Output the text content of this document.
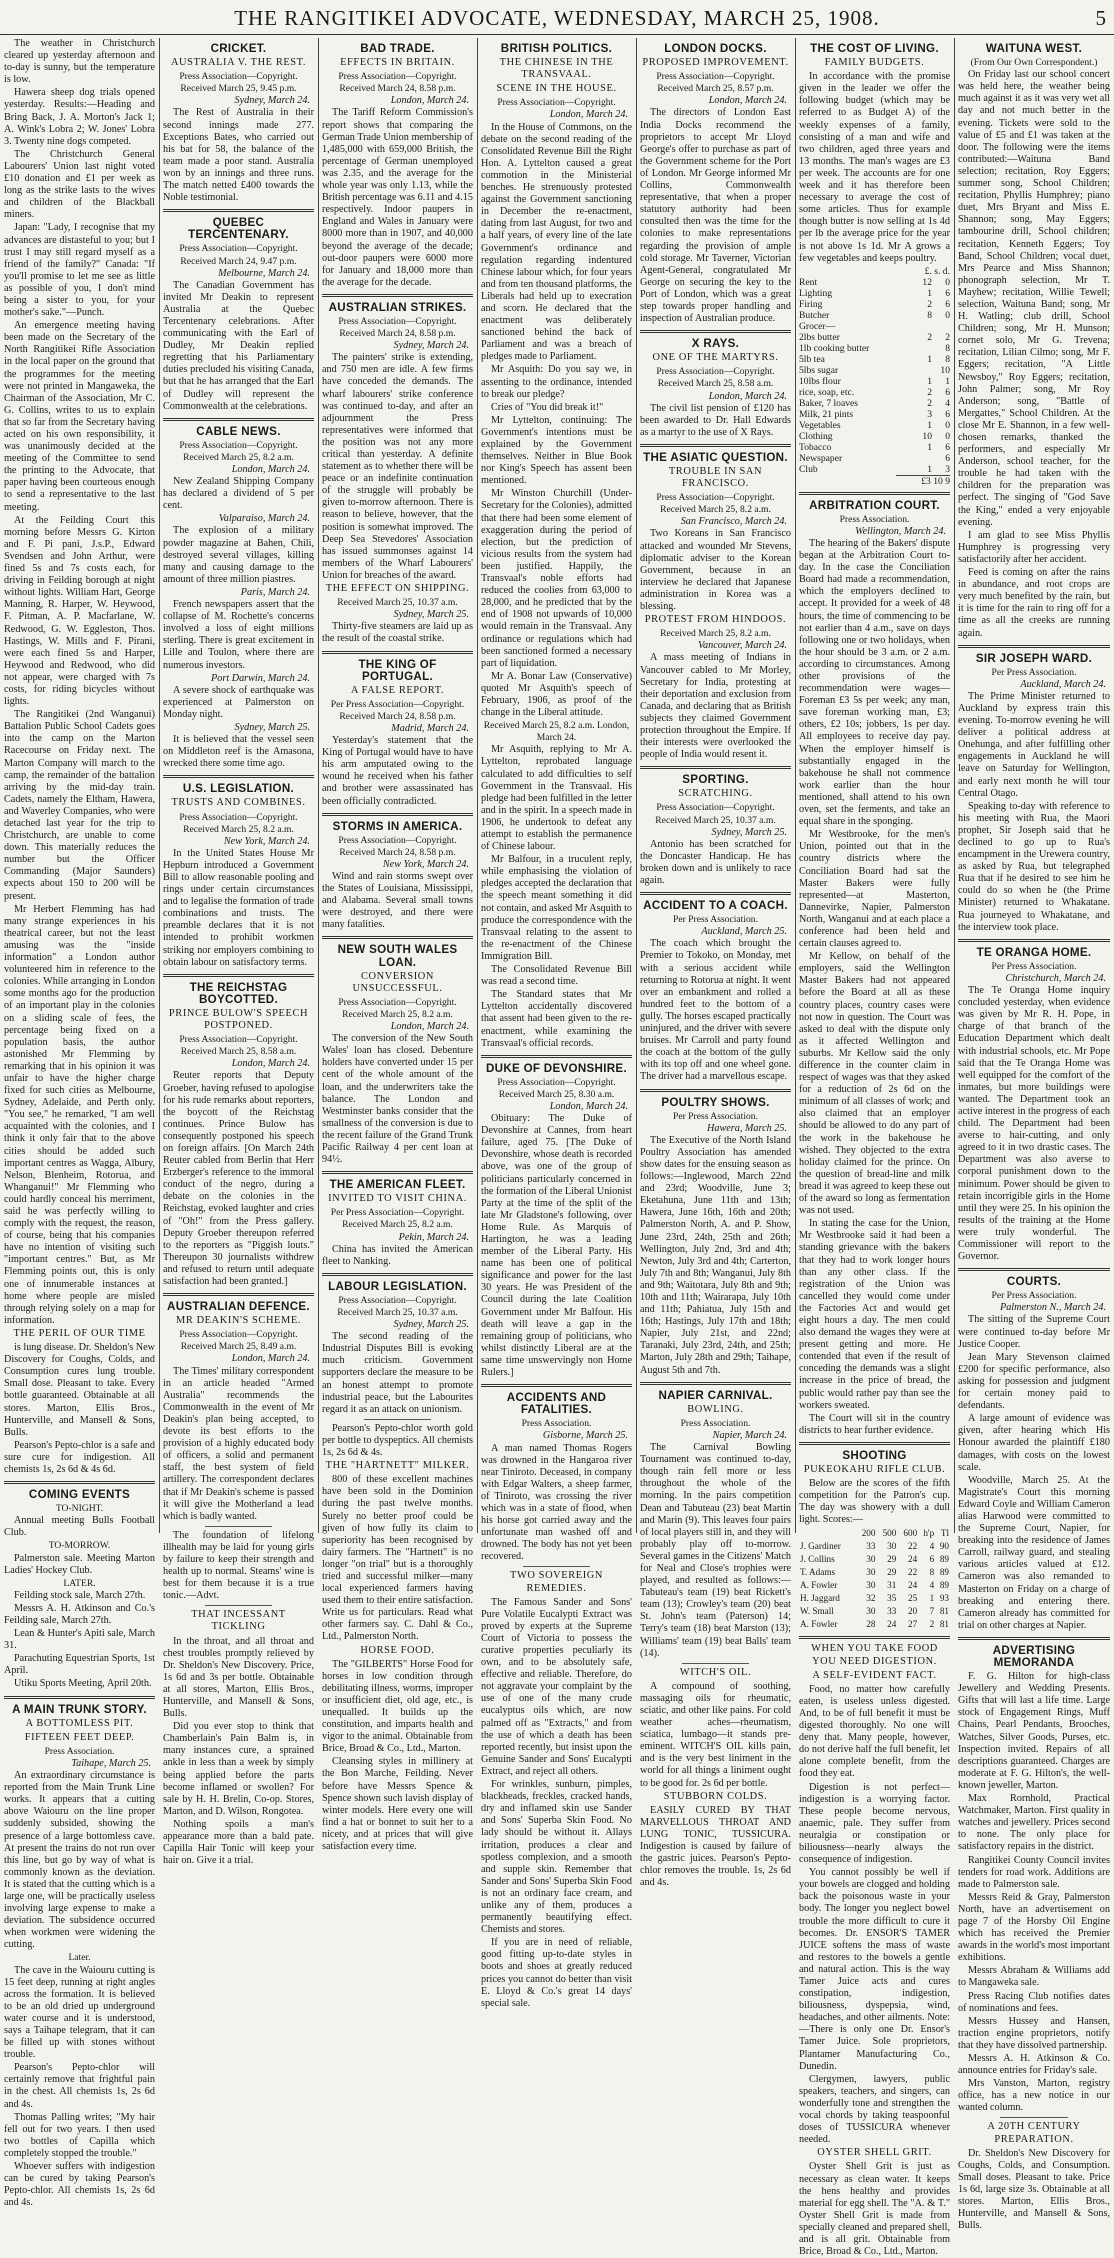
THE RANGITIKEI ADVOCATE, WEDNESDAY, MARCH 25, 1908.	5

The weather in Christchurch cleared up yesterday afternoon and to-day is sunny, but the temperature is low.

Hawera sheep dog trials opened yesterday. Results:—Heading and Bring Back, J. A. Morton's Jack 1; A. Wink's Lobra 2; W. Jones' Lobra 3. Twenty nine dogs competed.

The Christchurch General Labourers' Union last night voted £10 donation and £1 per week as long as the strike lasts to the wives and children of the Blackball miners.

Japan: "Lady, I recognise that my advances are distasteful to you; but I trust I may still regard myself as a friend of the family?" Canada: "If you'll promise to let me see as little as possible of you, I don't mind being a sister to you, for your mother's sake."—Punch.

An emergence meeting having been made on the Secretary of the North Rangitikei Rifle Association in the local paper on the ground that the programmes for the meeting were not printed in Mangaweka, the Chairman of the Association, Mr C. G. Collins, writes to us to explain that so far from the Secretary having acted on his own responsibility, it was unanimously decided at the meeting of the Committee to send the printing to the Advocate, that paper having been courteous enough to send a representative to the last meeting.

At the Feilding Court this morning before Messrs G. Kirton and F. Pi pani, J.s.P., Edward Svendsen and John Arthur, were fined 5s and 7s costs each, for driving in Feilding borough at night without lights. William Hart, George Manning, R. Harper, W. Heywood, F. Pitman, A. P. Macfarlane, W. Redwood, G. W. Eggleston, Thos. Hastings, W. Mills and F. Pirani, were each fined 5s and Harper, Heywood and Redwood, who did not appear, were charged with 7s costs, for riding bicycles without lights.

The Rangitikei (2nd Wanganui) Battalion Public School Cadets goes into the camp on the Marton Racecourse on Friday next. The Marton Company will march to the camp, the remainder of the battalion arriving by the mid-day train. Cadets, namely the Eltham, Hawera, and Waverley Companies, who were detached last year for the trip to Christchurch, are unable to come down. This materially reduces the number but the Officer Commanding (Major Saunders) expects about 150 to 200 will be present.

Mr Herbert Flemming has had many strange experiences in his theatrical career, but not the least amusing was the "inside information" a London author volunteered him in reference to the colonies. While arranging in London some months ago for the production of an important play in the colonies on a sliding scale of fees, the percentage being fixed on a population basis, the author astonished Mr Flemming by remarking that in his opinion it was unfair to have the higher charge fixed for such cities as Melbourne, Sydney, Adelaide, and Perth only. "You see," he remarked, "I am well acquainted with the colonies, and I think it only fair that to the above cities should be added such important centres as Wagga, Albury, Nelson, Blenheim, Rotorua, and Whanganui!" Mr Flemming who could hardly conceal his merriment, said he was perfectly willing to comply with the request, the reason, of course, being that his companies have no intention of visiting such "important centres." But, as Mr Flemming points out, this is only one of innumerable instances at home where people are misled through relying solely on a map for information.

THE PERIL OF OUR TIME

is lung disease. Dr. Sheldon's New Discovery for Coughs, Colds, and Consumption cures lung trouble. Small dose. Pleasant to take. Every bottle guaranteed. Obtainable at all stores. Marton, Ellis Bros., Hunterville, and Mansell & Sons, Bulls.

Pearson's Pepto-chlor is a safe and sure cure for indigestion. All chemists 1s, 2s 6d & 4s 6d.

COMING EVENTS
TO-NIGHT.

Annual meeting Bulls Football Club.

TO-MORROW.

Palmerston sale. Meeting Marton Ladies' Hockey Club.

LATER.

Feilding stock sale, March 27th.

Messrs A. H. Atkinson and Co.'s Feilding sale, March 27th.

Lean & Hunter's Apiti sale, March 31.

Parachuting Equestrian Sports, 1st April.

Utiku Sports Meeting, April 20th.

A MAIN TRUNK STORY.
A BOTTOMLESS PIT.
FIFTEEN FEET DEEP.
Press Association.
Taihape, March 25.

An extraordinary circumstance is reported from the Main Trunk Line works. It appears that a cutting above Waiouru on the line proper suddenly subsided, showing the presence of a large bottomless cave. At present the trains do not run over this line, but go by way of what is commonly known as the deviation. It is stated that the cutting which is a large one, will be practically useless involving large expense to make a deviation. The subsidence occurred when workmen were widening the cutting.

Later.

The cave in the Waiouru cutting is 15 feet deep, running at right angles across the formation. It is believed to be an old dried up underground water course and it is understood, says a Taihape telegram, that it can be filled up with stones without trouble.

Pearson's Pepto-chlor will certainly remove that frightful pain in the chest. All chemists 1s, 2s 6d and 4s.

Thomas Palling writes; "My hair fell out for two years. I then used two bottles of Capilla which completely stopped the trouble."

Whoever suffers with indigestion can be cured by taking Pearson's Pepto-chlor. All chemists 1s, 2s 6d and 4s.

CRICKET.
AUSTRALIA V. THE REST.
Press Association—Copyright.
Received March 25, 9.45 p.m.
Sydney, March 24.

The Rest of Australia in their second innings made 277. Exceptions Bates, who carried out his bat for 58, the balance of the team made a poor stand. Australia won by an innings and three runs. The match netted £400 towards the Noble testimonial.

QUEBEC TERCENTENARY.
Press Association—Copyright.
Received March 24, 9.47 p.m.
Melbourne, March 24.

The Canadian Government has invited Mr Deakin to represent Australia at the Quebec Tercentenary celebrations. After communicating with the Earl of Dudley, Mr Deakin replied regretting that his Parliamentary duties precluded his visiting Canada, but that he has arranged that the Earl of Dudley will represent the Commonwealth at the celebrations.

CABLE NEWS.
Press Association—Copyright.
Received March 25, 8.2 a.m.
London, March 24.

New Zealand Shipping Company has declared a dividend of 5 per cent.

Valparaiso, March 24.

The explosion of a military powder magazine at Bahen, Chili, destroyed several villages, killing many and causing damage to the amount of three million piastres.

Paris, March 24.

French newspapers assert that the collapse of M. Rochette's concerns involved a loss of eight millions sterling. There is great excitement in Lille and Toulon, where there are numerous investors.

Port Darwin, March 24.

A severe shock of earthquake was experienced at Palmerston on Monday night.

Sydney, March 25.

It is believed that the vessel seen on Middleton reef is the Amasona, wrecked there some time ago.

U.S. LEGISLATION.
TRUSTS AND COMBINES.
Press Association—Copyright.
Received March 25, 8.2 a.m.
New York, March 24.

In the United States House Mr Hepburn introduced a Government Bill to allow reasonable pooling and rings under certain circumstances and to legalise the formation of trade combinations and trusts. The preamble declares that it is not intended to prohibit workmen striking nor employers combining to obtain labour on satisfactory terms.

THE REICHSTAG BOYCOTTED.
PRINCE BULOW'S SPEECH POSTPONED.
Press Association—Copyright.
Received March 25, 8.58 a.m.
London, March 24.

Reuter reports that Deputy Groeber, having refused to apologise for his rude remarks about reporters, the boycott of the Reichstag continues. Prince Bulow has consequently postponed his speech on foreign affairs. [On March 24th Reuter cabled from Berlin that Herr Erzberger's reference to the immoral conduct of the negro, during a debate on the colonies in the Reichstag, evoked laughter and cries of "Oh!" from the Press gallery. Deputy Groeber thereupon referred to the reporters as "Piggish louts." Thereupon 30 journalists withdrew and refused to return until adequate satisfaction had been granted.]

AUSTRALIAN DEFENCE.
MR DEAKIN'S SCHEME.
Press Association—Copyright.
Received March 25, 8.49 a.m.
London, March 24.

The Times' military correspondent in an article headed "Armed Australia" recommends the Commonwealth in the event of Mr Deakin's plan being accepted, to devote its best efforts to the provision of a highly educated body of officers, a solid and permanent staff, the best system of field artillery. The correspondent declares that if Mr Deakin's scheme is passed it will give the Motherland a lead which is badly wanted.

The foundation of lifelong illhealth may be laid for young girls by failure to keep their strength and health up to normal. Steams' wine is best for them because it is a true tonic.—Advt.

THAT INCESSANT TICKLING

In the throat, and all throat and chest troubles promptly relieved by Dr. Sheldon's New Discovery. Price, 1s 6d and 3s per bottle. Obtainable at all stores, Marton, Ellis Bros., Hunterville, and Mansell & Sons, Bulls.

Did you ever stop to think that Chamberlain's Pain Balm is, in many instances cure, a sprained ankle in less than a week by simply being applied before the parts become inflamed or swollen? For sale by H. H. Brelin, Co-op. Stores, Marton, and D. Wilson, Rongotea.

Nothing spoils a man's appearance more than a bald pate. Capilla Hair Tonic will keep your hair on. Give it a trial.

BAD TRADE.
EFFECTS IN BRITAIN.
Press Association—Copyright.
Received March 24, 8.58 p.m.
London, March 24.

The Tariff Reform Commission's report shows that comparing the German Trade Union membership of 1,485,000 with 659,000 British, the percentage of German unemployed was 2.35, and the average for the whole year was only 1.13, while the British percentage was 6.11 and 4.15 respectively. Indoor paupers in England and Wales in January were 8000 more than in 1907, and 40,000 beyond the average of the decade; out-door paupers were 6000 more for January and 18,000 more than the average for the decade.

AUSTRALIAN STRIKES.
Press Association—Copyright.
Received March 24, 8.58 p.m.
Sydney, March 24.

The painters' strike is extending, and 750 men are idle. A few firms have conceded the demands. The wharf labourers' strike conference was continued to-day, and after an adjournment the Press representatives were informed that the position was not any more critical than yesterday. A definite statement as to whether there will be peace or an indefinite continuation of the struggle will probably be given to-morrow afternoon. There is reason to believe, however, that the position is somewhat improved. The Deep Sea Stevedores' Association has issued summonses against 14 members of the Wharf Labourers' Union for breaches of the award.

THE EFFECT ON SHIPPING.
Received March 25, 10.37 a.m.
Sydney, March 25.

Thirty-five steamers are laid up as the result of the coastal strike.

THE KING OF PORTUGAL.
A FALSE REPORT.
Per Press Association—Copyright.
Received March 24, 8.58 p.m.
Madrid, March 24.

Yesterday's statement that the King of Portugal would have to have his arm amputated owing to the wound he received when his father and brother were assassinated has been officially contradicted.

STORMS IN AMERICA.
Press Association—Copyright.
Received March 24, 8.58 p.m.
New York, March 24.

Wind and rain storms swept over the States of Louisiana, Mississippi, and Alabama. Several small towns were destroyed, and there were many fatalities.

NEW SOUTH WALES LOAN.
CONVERSION UNSUCCESSFUL.
Press Association—Copyright.
Received March 25, 8.2 a.m.
London, March 24.

The conversion of the New South Wales' loan has closed. Debenture holders have converted under 15 per cent of the whole amount of the loan, and the underwriters take the balance. The London and Westminster banks consider that the smallness of the conversion is due to the recent failure of the Grand Trunk Pacific Railway 4 per cent loan at 94½.

THE AMERICAN FLEET.
INVITED TO VISIT CHINA.
Per Press Association—Copyright.
Received March 25, 8.2 a.m.
Pekin, March 24.

China has invited the American fleet to Nanking.

LABOUR LEGISLATION.
Press Association—Copyright.
Received March 25, 10.37 a.m.
Sydney, March 25.

The second reading of the Industrial Disputes Bill is evoking much criticism. Government supporters declare the measure to be an honest attempt to promote industrial peace, but the Labourites regard it as an attack on unionism.

Pearson's Pepto-chlor worth gold per bottle to dyspeptics. All chemists 1s, 2s 6d & 4s.

THE "HARTNETT" MILKER.

800 of these excellent machines have been sold in the Dominion during the past twelve months. Surely no better proof could be given of how fully its claim to superiority has been recognised by dairy farmers. The "Hartnett" is no longer "on trial" but is a thoroughly tried and successful milker—many local experienced farmers having used them to their entire satisfaction. Write us for particulars. Read what other farmers say. C. Dahl & Co., Ltd., Palmerston North.

HORSE FOOD.

The "GILBERTS" Horse Food for horses in low condition through debilitating illness, worms, improper or insufficient diet, old age, etc., is unequalled. It builds up the constitution, and imparts health and vigor to the animal. Obtainable from Brice, Broad & Co., Ltd., Marton.

Cleansing styles in millinery at the Bon Marche, Feilding. Never before have Messrs Spence & Spence shown such lavish display of winter models. Here every one will find a hat or bonnet to suit her to a nicety, and at prices that will give satisfaction every time.

BRITISH POLITICS.
THE CHINESE IN THE TRANSVAAL.
SCENE IN THE HOUSE.
Press Association—Copyright.
London, March 24.

In the House of Commons, on the debate on the second reading of the Consolidated Revenue Bill the Right Hon. A. Lyttelton caused a great commotion in the Ministerial benches. He strenuously protested against the Government sanctioning in December the re-enactment, dating from last August, for two and a half years, of every line of the late Government's ordinance and regulation regarding indentured Chinese labour which, for four years and from ten thousand platforms, the Liberals had held up to execration and scorn. He declared that the enactment was deliberately sanctioned behind the back of Parliament and was a breach of pledges made to Parliament.

Mr Asquith: Do you say we, in assenting to the ordinance, intended to break our pledge?

Cries of "You did break it!"

Mr Lyttelton, continuing: The Government's intentions must be explained by the Government themselves. Neither in Blue Book nor King's Speech has assent been mentioned.

Mr Winston Churchill (Under-Secretary for the Colonies), admitted that there had been some element of exaggeration during the period of election, but the prediction of vicious results from the system had been justified. Happily, the Transvaal's noble efforts had reduced the coolies from 63,000 to 28,000, and he predicted that by the end of 1908 not upwards of 10,000 would remain in the Transvaal. Any ordinance or regulations which had been sanctioned formed a necessary part of liquidation.

Mr A. Bonar Law (Conservative) quoted Mr Asquith's speech of February, 1906, as proof of the change in the Liberal attitude.

Received March 25, 8.2 a.m. London, March 24.

Mr Asquith, replying to Mr A. Lyttelton, reprobated language calculated to add difficulties to self Government in the Transvaal. His pledge had been fulfilled in the letter and in the spirit. In a speech made in 1906, he undertook to defeat any attempt to establish the permanence of Chinese labour.

Mr Balfour, in a truculent reply, while emphasising the violation of pledges accepted the declaration that the speech meant something it did not contain, and asked Mr Asquith to produce the correspondence with the Transvaal relating to the assent to the re-enactment of the Chinese Immigration Bill.

The Consolidated Revenue Bill was read a second time.

The Standard states that Mr Lyttelton accidentally discovered that assent had been given to the re-enactment, while examining the Transvaal's official records.

DUKE OF DEVONSHIRE.
Press Association—Copyright.
Received March 25, 8.30 a.m.
London, March 24.

Obituary: The Duke of Devonshire at Cannes, from heart failure, aged 75. [The Duke of Devonshire, whose death is recorded above, was one of the group of politicians particularly concerned in the formation of the Liberal Unionist Party at the time of the split of the late Mr Gladstone's following, over Home Rule. As Marquis of Hartington, he was a leading member of the Liberal Party. His name has been one of political significance and power for the last 30 years. He was President of the Council during the late Coalition Government under Mr Balfour. His death will leave a gap in the remaining group of politicians, who whilst distinctly Liberal are at the same time unswervingly non Home Rulers.]

ACCIDENTS AND FATALITIES.
Press Association.
Gisborne, March 25.

A man named Thomas Rogers was drowned in the Hangaroa river near Tiniroto. Deceased, in company with Edgar Walters, a sheep farmer, of Tiniroto, was crossing the river which was in a state of flood, when his horse got carried away and the unfortunate man washed off and drowned. The body has not yet been recovered.

TWO SOVEREIGN REMEDIES.

The Famous Sander and Sons' Pure Volatile Eucalypti Extract was proved by experts at the Supreme Court of Victoria to possess the curative properties peculiarly its own, and to be absolutely safe, effective and reliable. Therefore, do not aggravate your complaint by the use of one of the many crude eucalyptus oils which, are now palmed off as "Extracts," and from the use of which a death has been reported recently, but insist upon the Genuine Sander and Sons' Eucalypti Extract, and reject all others.

For wrinkles, sunburn, pimples, blackheads, freckles, cracked hands, dry and inflamed skin use Sander and Sons' Superba Skin Food. No lady should be without it. Allays irritation, produces a clear and spotless complexion, and a smooth and supple skin. Remember that Sander and Sons' Superba Skin Food is not an ordinary face cream, and unlike any of them, produces a permanently beautifying effect. Chemists and stores.

If you are in need of reliable, good fitting up-to-date styles in boots and shoes at greatly reduced prices you cannot do better than visit E. Lloyd & Co.'s great 14 days' special sale.

LONDON DOCKS.
PROPOSED IMPROVEMENT.
Press Association—Copyright.
Received March 25, 8.57 p.m.
London, March 24.

The directors of London East India Docks recommend the proprietors to accept Mr Lloyd George's offer to purchase as part of the Government scheme for the Port of London. Mr George informed Mr Collins, Commonwealth representative, that when a proper statutory authority had been consulted then was the time for the colonies to make representations regarding the provision of ample cold storage. Mr Taverner, Victorian Agent-General, congratulated Mr George on securing the key to the Port of London, which was a great step towards proper handling and inspection of Australian produce.

X RAYS.
ONE OF THE MARTYRS.
Press Association—Copyright.
Received March 25, 8.58 a.m.
London, March 24.

The civil list pension of £120 has been awarded to Dr. Hall Edwards as a martyr to the use of X Rays.

THE ASIATIC QUESTION.
TROUBLE IN SAN FRANCISCO.
Press Association—Copyright.
Received March 25, 8.2 a.m.
San Francisco, March 24.

Two Koreans in San Francisco attacked and wounded Mr Stevens, diplomatic adviser to the Korean Government, because in an interview he declared that Japanese administration in Korea was a blessing.

PROTEST FROM HINDOOS.
Received March 25, 8.2 a.m.
Vancouver, March 24.

A mass meeting of Indians in Vancouver cabled to Mr Morley, Secretary for India, protesting at their deportation and exclusion from Canada, and declaring that as British subjects they claimed Government protection throughout the Empire. If their interests were overlooked the people of India would resent it.

SPORTING.
SCRATCHING.
Press Association—Copyright.
Received March 25, 10.37 a.m.
Sydney, March 25.

Antonio has been scratched for the Doncaster Handicap. He has broken down and is unlikely to race again.

ACCIDENT TO A COACH.
Per Press Association.
Auckland, March 25.

The coach which brought the Premier to Tokoko, on Monday, met with a serious accident while returning to Rotorua at night. It went over an embankment and rolled a hundred feet to the bottom of a gully. The horses escaped practically uninjured, and the driver with severe bruises. Mr Carroll and party found the coach at the bottom of the gully with its top off and one wheel gone. The driver had a marvellous escape.

POULTRY SHOWS.
Per Press Association.
Hawera, March 25.

The Executive of the North Island Poultry Association has amended show dates for the ensuing season as follows:—Inglewood, March 22nd and 23rd; Woodville, June 3; Eketahuna, June 11th and 13th; Hawera, June 16th, 16th and 20th; Palmerston North, A. and P. Show, June 23rd, 24th, 25th and 26th; Wellington, July 2nd, 3rd and 4th; Newton, July 3rd and 4th; Carterton, July 7th and 8th; Wanganui, July 8th and 9th; Waitotara, July 8th and 9th; 10th and 11th; Wairarapa, July 10th and 11th; Pahiatua, July 15th and 16th; Hastings, July 17th and 18th; Napier, July 21st, and 22nd; Taranaki, July 23rd, 24th, and 25th; Marton, July 28th and 29th; Taihape, August 5th and 7th.

NAPIER CARNIVAL.
BOWLING.
Press Association.
Napier, March 24.

The Carnival Bowling Tournament was continued to-day, though rain fell more or less throughout the whole of the morning. In the pairs competition Dean and Tabuteau (23) beat Martin and Marin (9). This leaves four pairs of local players still in, and they will probably play off to-morrow. Several games in the Citizens' Match for Neal and Close's trophies were played, and resulted as follows:—Tabuteau's team (19) beat Rickett's team (13); Crowley's team (20) beat St. John's team (Paterson) 14; Terry's team (18) beat Marston (13); Williams' team (19) beat Balls' team (14).

WITCH'S OIL.

A compound of soothing, massaging oils for rheumatic, sciatic, and other like pains. For cold weather aches—rheumatism, sciatica, lumbago—it stands pre-eminent. WITCH'S OIL kills pain, and is the very best liniment in the world for all things a liniment ought to be good for. 2s 6d per bottle.

STUBBORN COLDS.

EASILY CURED BY THAT MARVELLOUS THROAT AND LUNG TONIC, TUSSICURA. Indigestion is caused by failure of the gastric juices. Pearson's Pepto-chlor removes the trouble. 1s, 2s 6d and 4s.

THE COST OF LIVING.
FAMILY BUDGETS.

In accordance with the promise given in the leader we offer the following budget (which may be referred to as Budget A) of the weekly expenses of a family, consisting of a man and wife and two children, aged three years and 13 months. The man's wages are £3 per week. The accounts are for one week and it has therefore been necessary to average the cost of some articles. Thus for example though butter is now selling at 1s 4d per lb the average price for the year is not above 1s 1d. Mr A grows a few vegetables and keeps poultry.

	£. s. d.		
Rent		12	0
Lighting		1	6
Firing		2	6
Butcher		8	0
Grocer—			
2lbs butter		2	2
1lb cooking butter			8
5lb tea		1	8
5lbs sugar			10
10lbs flour		1	1
rice, soap, etc.		2	6
Baker, 7 loaves		2	4
Milk, 21 pints		3	6
Vegetables		1	0
Clothing		10	0
Tobacco		1	6
Newspaper			6
Club		1	3
	£3 10 9		
ARBITRATION COURT.
Press Association.
Wellington, March 24.

The hearing of the Bakers' dispute began at the Arbitration Court to-day. In the case the Conciliation Board had made a recommendation, which the employers declined to accept. It provided for a week of 48 hours, the time of commencing to be not earlier than 4 a.m., save on days following one or two holidays, when the hour should be 3 a.m. or 2 a.m. according to circumstances. Among other provisions of the recommendation were wages—Foreman £3 5s per week; any man, save foreman working man, £3; others, £2 10s; jobbers, 1s per day. All employees to receive day pay. When the employer himself is substantially engaged in the bakehouse he shall not commence work earlier than the hour mentioned, shall attend to his own oven, set the ferments, and take an equal share in the sponging.

Mr Westbrooke, for the men's Union, pointed out that in the country districts where the Conciliation Board had sat the Master Bakers were fully represented—at Masterton, Dannevirke, Napier, Palmerston North, Wanganui and at each place a conference had been held and certain clauses agreed to.

Mr Kellow, on behalf of the employers, said the Wellington Master Bakers had not appeared before the Board at all as these country places, country cases were not now in question. The Court was asked to deal with the dispute only as it affected Wellington and suburbs. Mr Kellow said the only difference in the counter claim in respect of wages was that they asked for a reduction of 2s 6d on the minimum of all classes of work; and also claimed that an employer should be allowed to do any part of the work in the bakehouse he wished. They objected to the extra holiday claimed for the prince. On the question of bread-line and milk bread it was agreed to keep these out of the award so long as fermentation was not used.

In stating the case for the Union, Mr Westbrooke said it had been a standing grievance with the bakers that they had to work longer hours than any other class. If the registration of the Union was cancelled they would come under the Factories Act and would get eight hours a day. The men could also demand the wages they were at present getting and more. He contended that even if the result of conceding the demands was a slight increase in the price of bread, the public would rather pay than see the workers sweated.

The Court will sit in the country districts to hear further evidence.

SHOOTING
PUKEOKAHU RIFLE CLUB.

Below are the scores of the fifth competition for the Patron's cup. The day was showery with a dull light. Scores:—

	200	500	600	h'p	Tl
J. Gardiner	33	30	22	4	90
J. Collins	30	29	24	6	89
T. Adams	30	29	22	8	89
A. Fowler	30	31	24	4	89
H. Jaggard	32	35	25	1	93
W. Small	30	33	20	7	81
A. Fowler	28	24	27	2	81
WHEN YOU TAKE FOOD YOU NEED DIGESTION.
A SELF-EVIDENT FACT.

Food, no matter how carefully eaten, is useless unless digested. And, to be of full benefit it must be digested thoroughly. No one will deny that. Many people, however, do not derive half the full benefit, let alone complete benefit, from the food they eat.

Digestion is not perfect—indigestion is a worrying factor. These people become nervous, anaemic, pale. They suffer from neuralgia or constipation or biliousness—nearly always the consequence of indigestion.

You cannot possibly be well if your bowels are clogged and holding back the poisonous waste in your body. The longer you neglect bowel trouble the more difficult to cure it becomes. Dr. ENSOR'S TAMER JUICE softens the mass of waste and restores to the bowels a gentle and natural action. This is the way Tamer Juice acts and cures constipation, indigestion, biliousness, dyspepsia, wind, headaches, and other ailments. Note:—There is only one Dr. Ensor's Tamer Juice. Sole proprietors, Plantamer Manufacturing Co., Dunedin.

Clergymen, lawyers, public speakers, teachers, and singers, can wonderfully tone and strengthen the vocal chords by taking teaspoonful doses of TUSSICURA whenever needed.

OYSTER SHELL GRIT.

Oyster Shell Grit is just as necessary as clean water. It keeps the hens healthy and provides material for egg shell. The "A. & T." Oyster Shell Grit is made from specially cleaned and prepared shell, and is all grit. Obtainable from Brice, Broad & Co., Ltd., Marton.

WAITUNA WEST.
(From Our Own Correspondent.)

On Friday last our school concert was held here, the weather being much against it as it was very wet all day and not much better in the evening. Tickets were sold to the value of £5 and £1 was taken at the door. The following were the items contributed:—Waituna Band selection; recitation, Roy Eggers; summer song, School Children; recitation, Phyllis Humphrey; piano duet, Mrs Bryant and Miss E. Shannon; song, May Eggers; tambourine drill, School children; recitation, Kenneth Eggers; Toy Band, School Children; vocal duet, Mrs Pearce and Miss Shannon; phonograph selection, Mr T. Mayhew; recitation, Willie Tewell; selection, Waituna Band; song, Mr H. Watling; club drill, School Children; song, Mr H. Munson; cornet solo, Mr G. Trevena; recitation, Lilian Cilmo; song, Mr F. Eggers; recitation, "A Little Newsboy," Roy Eggers; recitation, John Palmer; song, Mr Roy Anderson; song, "Battle of Mergattes," School Children. At the close Mr E. Shannon, in a few well-chosen remarks, thanked the performers, and especially Mr Anderson, school teacher, for the trouble he had taken with the children for the preparation was perfect. The singing of "God Save the King," ended a very enjoyable evening.

I am glad to see Miss Phyllis Humphrey is progressing very satisfactorily after her accident.

Feed is coming on after the rains in abundance, and root crops are very much benefited by the rain, but it is time for the rain to ring off for a time as all the creeks are running again.

SIR JOSEPH WARD.
Per Press Association.
Auckland, March 24.

The Prime Minister returned to Auckland by express train this evening. To-morrow evening he will deliver a political address at Onehunga, and after fulfilling other engagements in Auckland he will leave on Saturday for Wellington, and early next month he will tour Central Otago.

Speaking to-day with reference to his meeting with Rua, the Maori prophet, Sir Joseph said that he declined to go up to Rua's encampment in the Urewera country, as asked by Rua, but telegraphed Rua that if he desired to see him he could do so when he (the Prime Minister) returned to Whakatane. Rua journeyed to Whakatane, and the interview took place.

TE ORANGA HOME.
Per Press Association.
Christchurch, March 24.

The Te Oranga Home inquiry concluded yesterday, when evidence was given by Mr R. H. Pope, in charge of that branch of the Education Department which dealt with industrial schools, etc. Mr Pope said that the Te Oranga Home was well equipped for the comfort of the inmates, but more buildings were wanted. The Department took an active interest in the progress of each child. The Department had been averse to hair-cutting, and only agreed to it in two drastic cases. The Department was also averse to corporal punishment down to the minimum. Power should be given to retain incorrigible girls in the Home until they were 25. In his opinion the results of the training at the Home were truly wonderful. The Commissioner will report to the Governor.

COURTS.
Per Press Association.
Palmerston N., March 24.

The sitting of the Supreme Court were continued to-day before Mr Justice Cooper.

Jean Mary Stevenson claimed £200 for specific performance, also asking for possession and judgment for certain money paid to defendants.

A large amount of evidence was given, after hearing which His Honour awarded the plaintiff £180 damages, with costs on the lowest scale.

Woodville, March 25. At the Magistrate's Court this morning Edward Coyle and William Cameron alias Harwood were committed to the Supreme Court, Napier, for breaking into the residence of James Carroll, railway guard, and stealing various articles valued at £12. Cameron was also remanded to Masterton on Friday on a charge of breaking and entering there. Cameron already has committed for trial on other charges at Napier.

ADVERTISING MEMORANDA

F. G. Hilton for high-class Jewellery and Wedding Presents. Gifts that will last a life time. Large stock of Engagement Rings, Muff Chains, Pearl Pendants, Brooches, Watches, Silver Goods, Purses, etc. Inspection invited. Repairs of all descriptions guaranteed. Charges are moderate at F. G. Hilton's, the well-known jeweller, Marton.

Max Rornhold, Practical Watchmaker, Marton. First quality in watches and jewellery. Prices second to none. The only place for satisfactory repairs in the district.

Rangitikei County Council invites tenders for road work. Additions are made to Palmerston sale.

Messrs Reid & Gray, Palmerston North, have an advertisement on page 7 of the Horsby Oil Engine which has received the Premier awards in the world's most important exhibitions.

Messrs Abraham & Williams add to Mangaweka sale.

Press Racing Club notifies dates of nominations and fees.

Messrs Hussey and Hansen, traction engine proprietors, notify that they have dissolved partnership.

Messrs A. H. Atkinson & Co. announce entries for Friday's sale.

Mrs Vanston, Marton, registry office, has a new notice in our wanted column.

A 20TH CENTURY PREPARATION.

Dr. Sheldon's New Discovery for Coughs, Colds, and Consumption. Small doses. Pleasant to take. Price 1s 6d, large size 3s. Obtainable at all stores. Marton, Ellis Bros., Hunterville, and Mansell & Sons, Bulls.
